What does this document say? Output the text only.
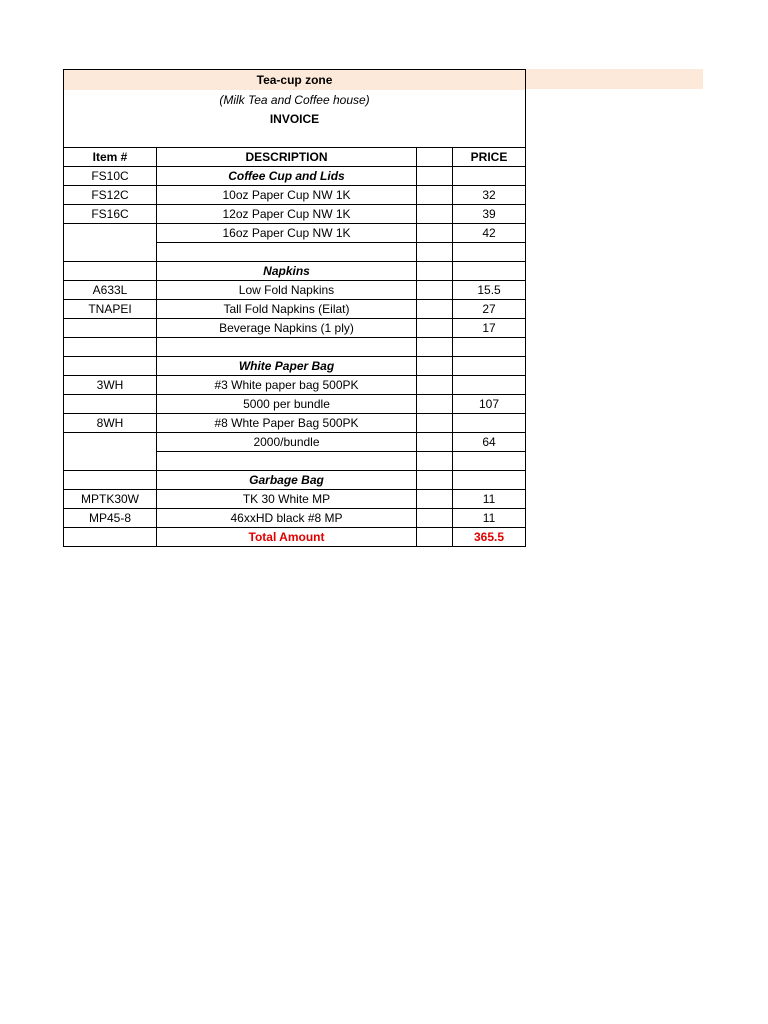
Tea-cup zone			
(Milk Tea and Coffee house)			
INVOICE			

Item #	DESCRIPTION		PRICE
FS10C	Coffee Cup and Lids		
FS12C	10oz Paper Cup NW 1K		32
FS16C	12oz Paper Cup NW 1K		39
	16oz Paper Cup NW 1K		42

	Napkins		
A633L	Low Fold Napkins		15.5
TNAPEI	Tall Fold Napkins (Eilat)		27
	Beverage Napkins (1 ply)		17

	White Paper Bag		
3WH	#3 White paper bag 500PK		
	5000 per bundle		107
8WH	#8 Whte Paper Bag 500PK		
	2000/bundle		64

	Garbage Bag		
MPTK30W	TK 30 White MP		11
MP45-8	46xxHD black #8 MP		11
	Total Amount		365.5
